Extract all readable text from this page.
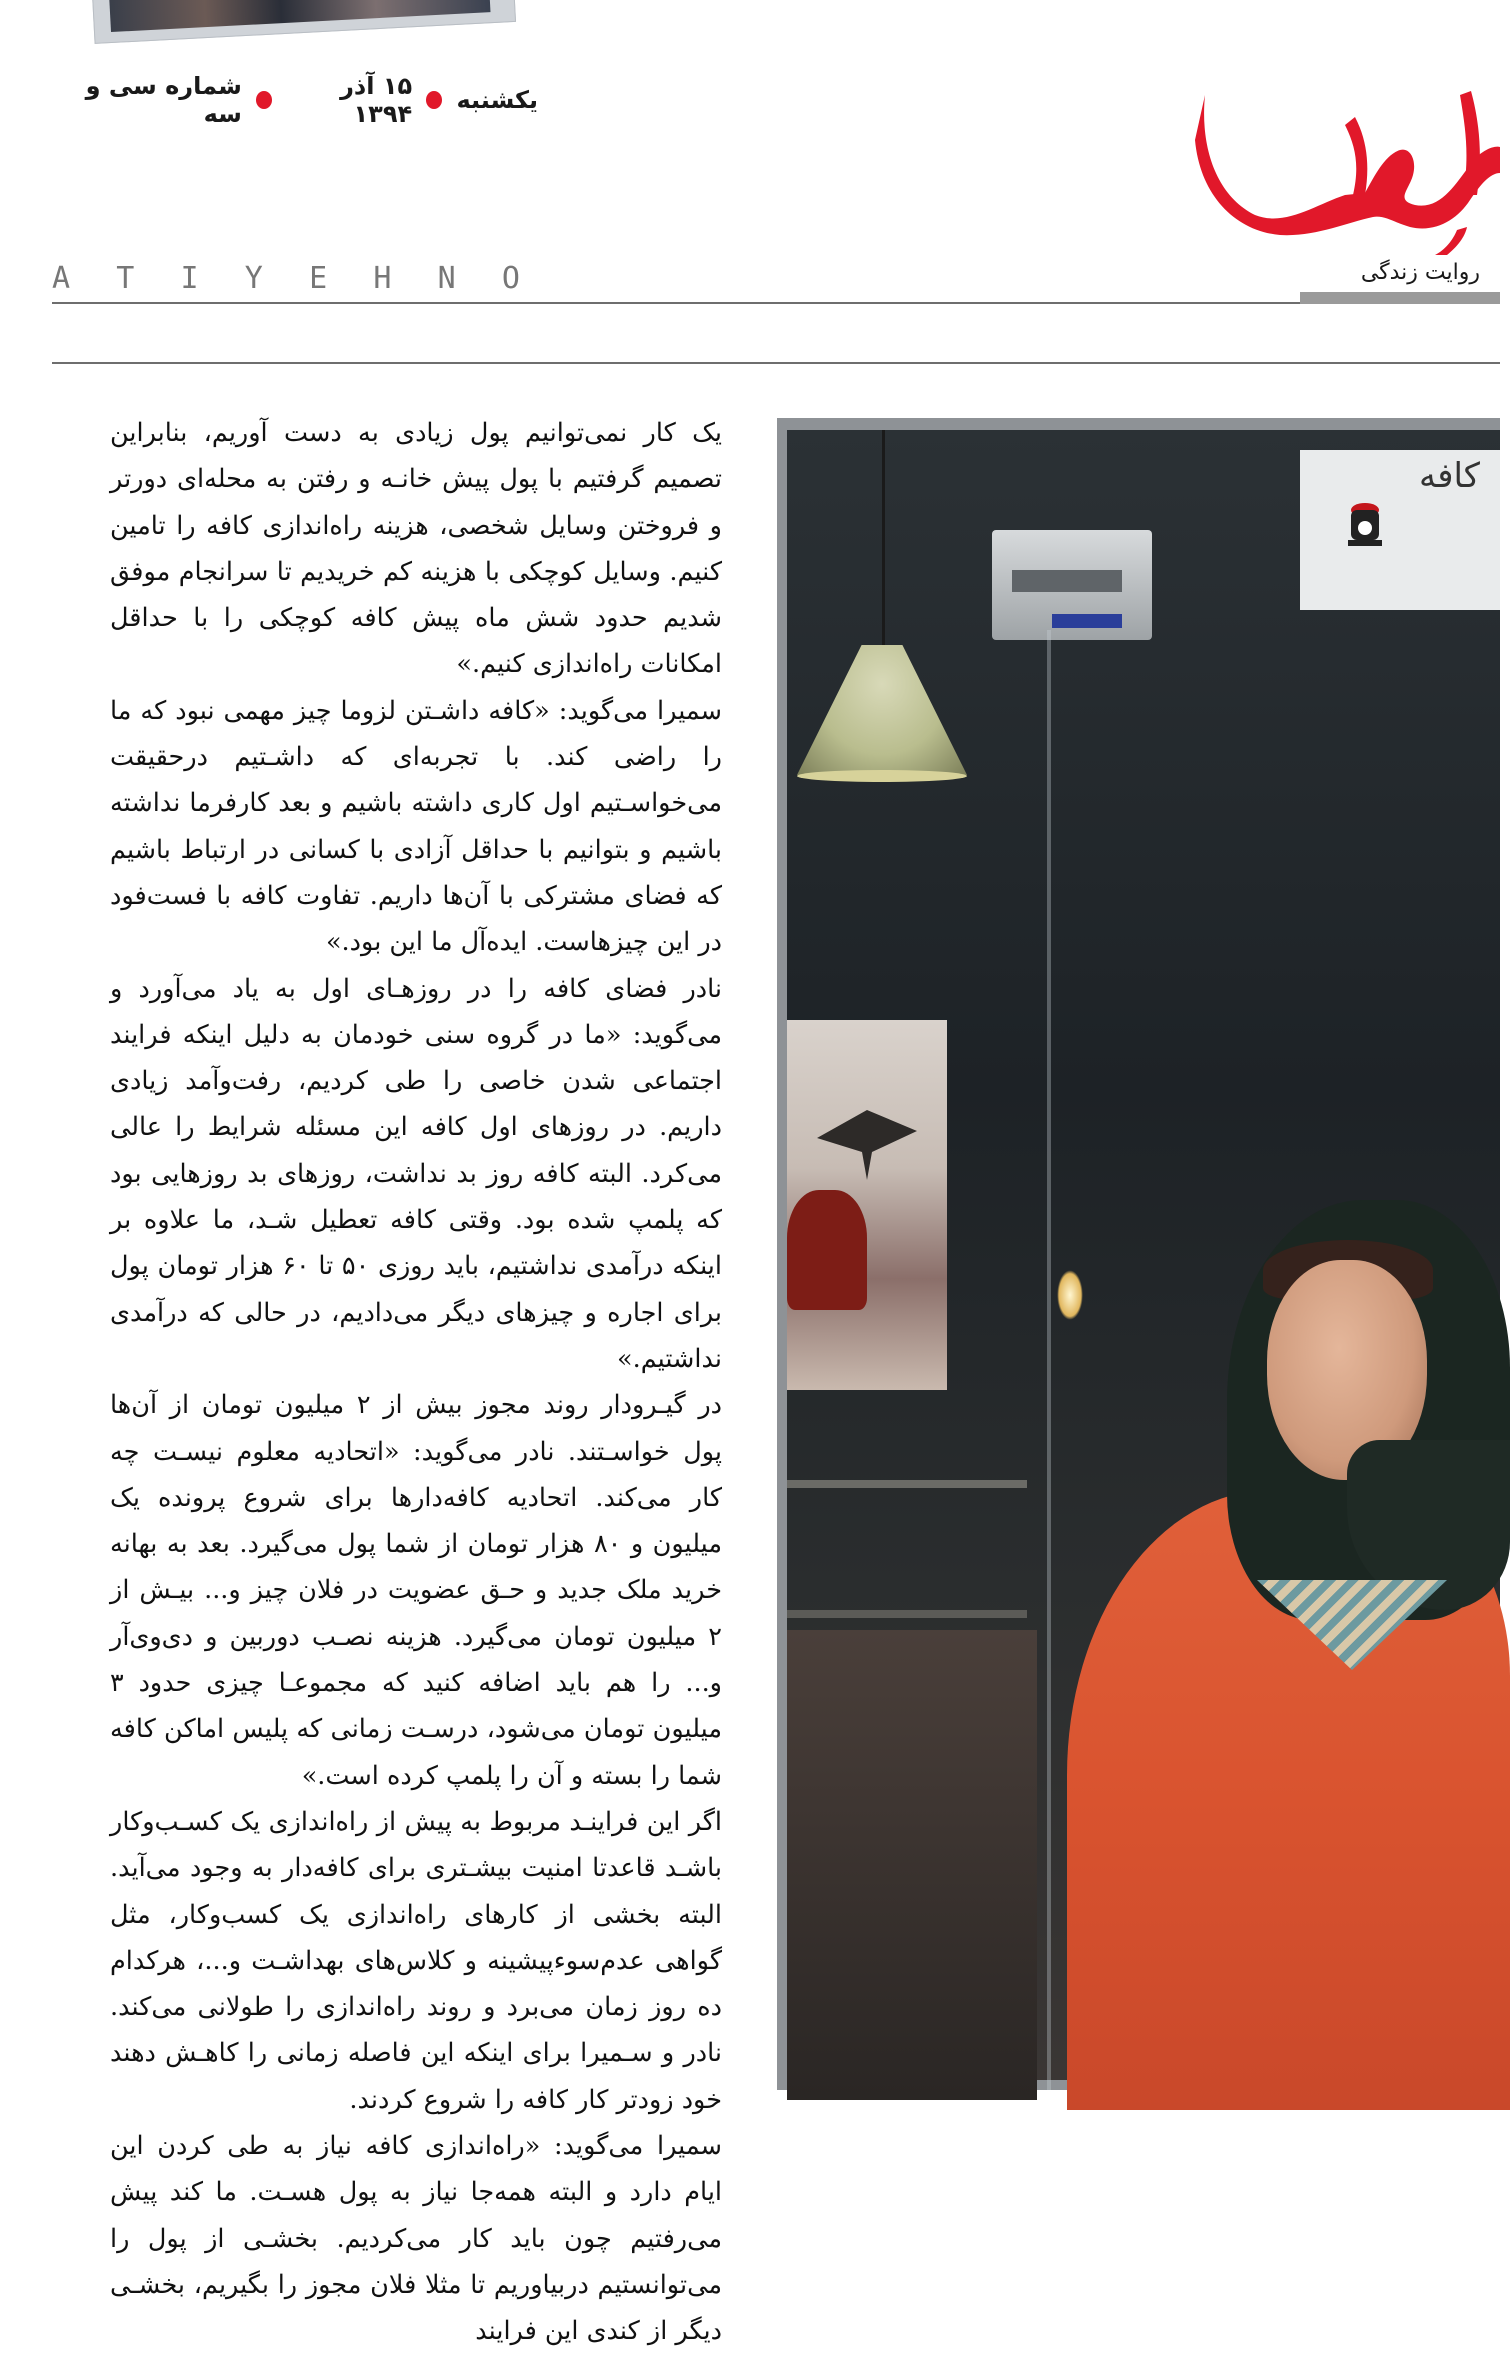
یکشنبه
۱۵ آذر ۱۳۹۴
شماره سی و سه
روایت زندگی
A T I Y E H N O

یک کار نمی‌توانیم پول زیادی به دست آوریم، بنابراین تصمیم گرفتیم با پول پیش خانـه و رفتن به محله‌ای دورتر و فروختن وسایل شخصی، هزینه راه‌اندازی کافه را تامین کنیم. وسایل کوچکی با هزینه کم خریدیم تا سرانجام موفق شدیم حدود شش ماه پیش کافه کوچکی را با حداقل امکانات راه‌اندازی کنیم.»

سمیرا می‌گوید: «کافه داشـتن لزوما چیز مهمی نبود که ما را راضی کند. با تجربه‌ای که داشـتیم درحقیقت می‌خواسـتیم اول کاری داشته باشیم و بعد کارفرما نداشته باشیم و بتوانیم با حداقل آزادی با کسانی در ارتباط باشیم که فضای مشترکی با آن‌ها داریم. تفاوت کافه با فست‌فود در این چیزهاست. ایده‌آل ما این بود.»

نادر فضای کافه را در روزهـای اول به یاد می‌آورد و می‌گوید: «ما در گروه سنی خودمان به دلیل اینکه فرایند اجتماعی شدن خاصی را طی کردیم، رفت‌وآمد زیادی داریم. در روزهای اول کافه این مسئله شرایط را عالی می‌کرد. البته کافه روز بد نداشت، روزهای بد روزهایی بود که پلمپ شده بود. وقتی کافه تعطیل شـد، ما علاوه بر اینکه درآمدی نداشتیم، باید روزی ۵۰ تا ۶۰ هزار تومان پول برای اجاره و چیزهای دیگر می‌دادیم، در حالی که درآمدی نداشتیم.»

در گیـرودار روند مجوز بیش از ۲ میلیون تومان از آن‌ها پول خواسـتند. نادر می‌گوید: «اتحادیه معلوم نیسـت چه کار می‌کند. اتحادیه کافه‌دارها برای شروع پرونده یک میلیون و ۸۰ هزار تومان از شما پول می‌گیرد. بعد به بهانه خرید ملک جدید و حـق عضویت در فلان چیز و... بیـش از ۲ میلیون تومان می‌گیرد. هزینه نصـب دوربین و دی‌وی‌آر و... را هم باید اضافه کنید که مجموعـا چیزی حدود ۳ میلیون تومان می‌شود، درسـت زمانی که پلیس اماکن کافه شما را بسته و آن را پلمپ کرده است.»

اگر این فراینـد مربوط به پیش از راه‌اندازی یک کسـب‌وکار باشـد قاعدتا امنیت بیشـتری برای کافه‌دار به وجود می‌آید. البته بخشی از کارهای راه‌اندازی یک کسب‌وکار، مثل گواهی عدم‌سوءپیشینه و کلاس‌های بهداشـت و...، هرکدام ده روز زمان می‌برد و روند راه‌اندازی را طولانی می‌کند. نادر و سـمیرا برای اینکه این فاصله زمانی را کاهـش دهند خود زودتر کار کافه را شروع کردند.

سمیرا می‌گوید: «راه‌اندازی کافه نیاز به طی کردن این ایام دارد و البته همه‌جا نیاز به پول هسـت. ما کند پیش می‌رفتیم چون باید کار می‌کردیم. بخشـی از پول را می‌توانستیم دربیاوریم تا مثلا فلان مجوز را بگیریم، بخشـی دیگر از کندی این فرایند

کافه
